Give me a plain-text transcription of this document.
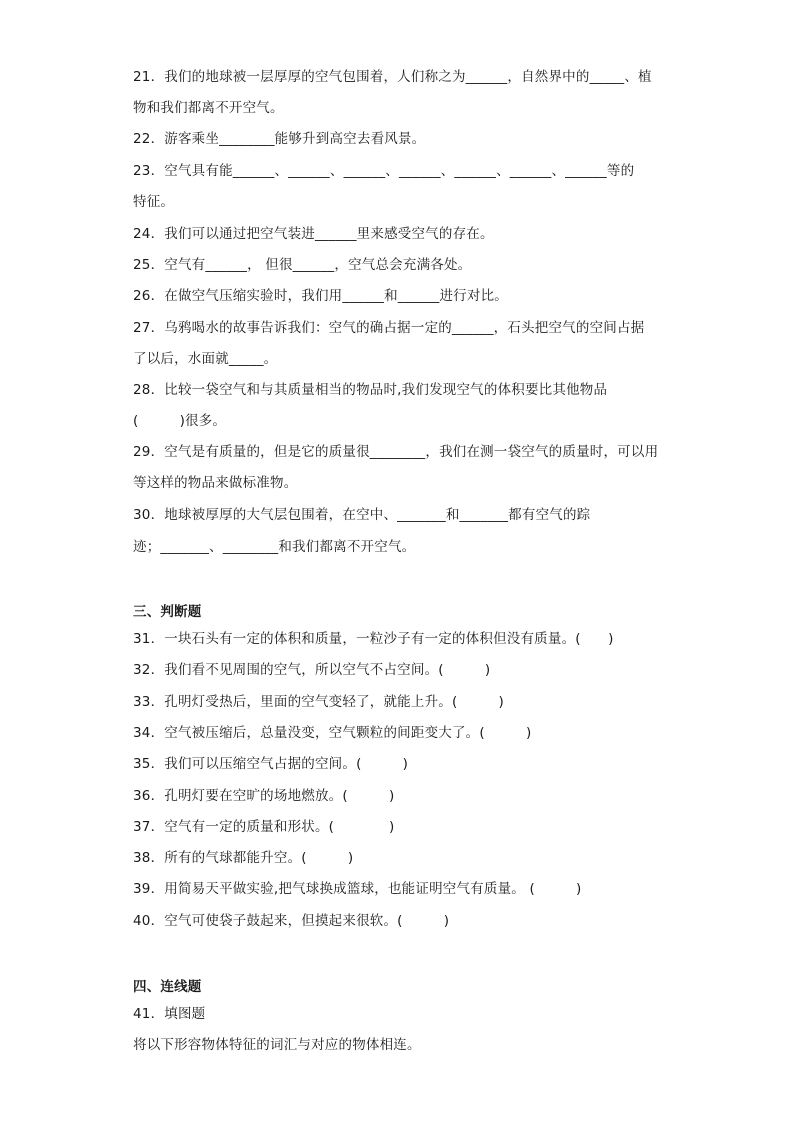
21．我们的地球被一层厚厚的空气包围着，人们称之为______，自然界中的_____、植
物和我们都离不开空气。
22．游客乘坐________能够升到高空去看风景。
23．空气具有能______、______、______、______、______、______、______等的
特征。
24．我们可以通过把空气装进______里来感受空气的存在。
25．空气有______， 但很______，空气总会充满各处。
26．在做空气压缩实验时，我们用______和______进行对比。
27．乌鸦喝水的故事告诉我们：空气的确占据一定的______，石头把空气的空间占据
了以后，水面就_____。
28．比较一袋空气和与其质量相当的物品时,我们发现空气的体积要比其他物品
(　　　)很多。
29．空气是有质量的，但是它的质量很________，我们在测一袋空气的质量时，可以用
等这样的物品来做标准物。
30．地球被厚厚的大气层包围着，在空中、_______和_______都有空气的踪
迹；_______、________和我们都离不开空气。
三、判断题
31．一块石头有一定的体积和质量，一粒沙子有一定的体积但没有质量。(　　)
32．我们看不见周围的空气，所以空气不占空间。(　　　)
33．孔明灯受热后，里面的空气变轻了，就能上升。(　　　)
34．空气被压缩后，总量没变，空气颗粒的间距变大了。(　　　)
35．我们可以压缩空气占据的空间。(　　　)
36．孔明灯要在空旷的场地燃放。(　　　)
37．空气有一定的质量和形状。(　　　　)
38．所有的气球都能升空。(　　　)
39．用简易天平做实验,把气球换成篮球，也能证明空气有质量。 (　　　)
40．空气可使袋子鼓起来，但摸起来很软。(　　　)
四、连线题
41．填图题
将以下形容物体特征的词汇与对应的物体相连。
